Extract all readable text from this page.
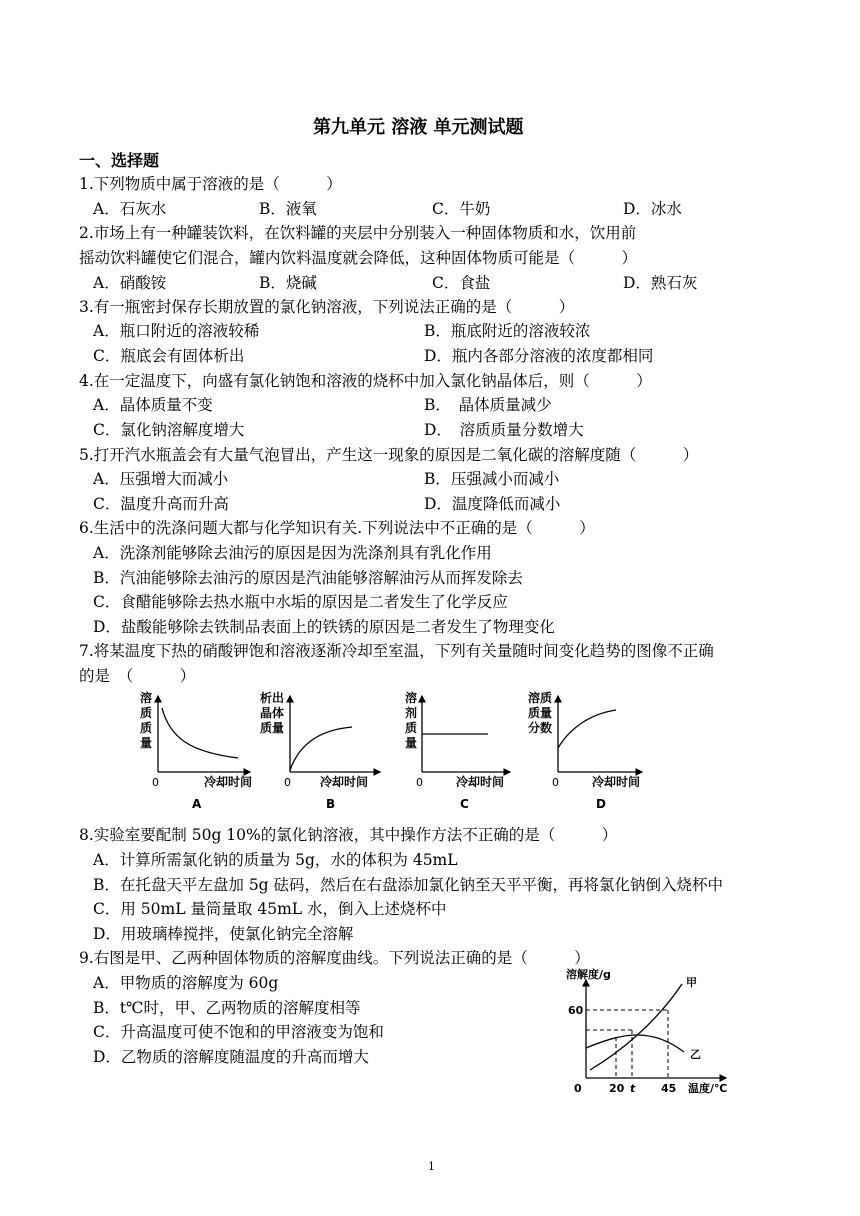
第九单元 溶液 单元测试题
一、选择题
1.下列物质中属于溶液的是（　　　）
A．石灰水	B．液氧	C．牛奶	D．冰水
2.市场上有一种罐装饮料，在饮料罐的夹层中分别装入一种固体物质和水，饮用前
摇动饮料罐使它们混合，罐内饮料温度就会降低，这种固体物质可能是（　　　）
A．硝酸铵	B．烧碱	C．食盐	D．熟石灰
3.有一瓶密封保存长期放置的氯化钠溶液，下列说法正确的是（　　　）
A．瓶口附近的溶液较稀	B．瓶底附近的溶液较浓
C．瓶底会有固体析出	D．瓶内各部分溶液的浓度都相同
4.在一定温度下，向盛有氯化钠饱和溶液的烧杯中加入氯化钠晶体后，则（　　　）
A．晶体质量不变	B．　晶体质量减少
C．氯化钠溶解度增大	D．　溶质质量分数增大
5.打开汽水瓶盖会有大量气泡冒出，产生这一现象的原因是二氧化碳的溶解度随（　　　）
A．压强增大而减小	B．压强减小而减小
C．温度升高而升高	D．温度降低而减小
6.生活中的洗涤问题大都与化学知识有关.下列说法中不正确的是（　　　）
A．洗涤剂能够除去油污的原因是因为洗涤剂具有乳化作用
B．汽油能够除去油污的原因是汽油能够溶解油污从而挥发除去
C．食醋能够除去热水瓶中水垢的原因是二者发生了化学反应
D．盐酸能够除去铁制品表面上的铁锈的原因是二者发生了物理变化
7.将某温度下热的硝酸钾饱和溶液逐渐冷却至室温，下列有关量随时间变化趋势的图像不正确
的是　（　　　）
溶
质
质
量
0	冷却时间
A
析出
晶体
质量
0 冷却时间
B
溶
剂
质
量
0	冷却时间
C
溶质
质量
分数
0	冷却时间
D
8.实验室要配制 50g 10%的氯化钠溶液，其中操作方法不正确的是（　　　）
A．计算所需氯化钠的质量为 5g，水的体积为 45mL
B．在托盘天平左盘加 5g 砝码，然后在右盘添加氯化钠至天平平衡，再将氯化钠倒入烧杯中
C．用 50mL 量筒量取 45mL 水，倒入上述烧杯中
D．用玻璃棒搅拌，使氯化钠完全溶解
9.右图是甲、乙两种固体物质的溶解度曲线。下列说法正确的是（　　　）
A．甲物质的溶解度为 60g
B．t℃时，甲、乙两物质的溶解度相等
C．升高温度可使不饱和的甲溶液变为饱和
D．乙物质的溶解度随温度的升高而增大
溶解度/g
60
0 20 t 45 温度/℃
甲
乙
1
